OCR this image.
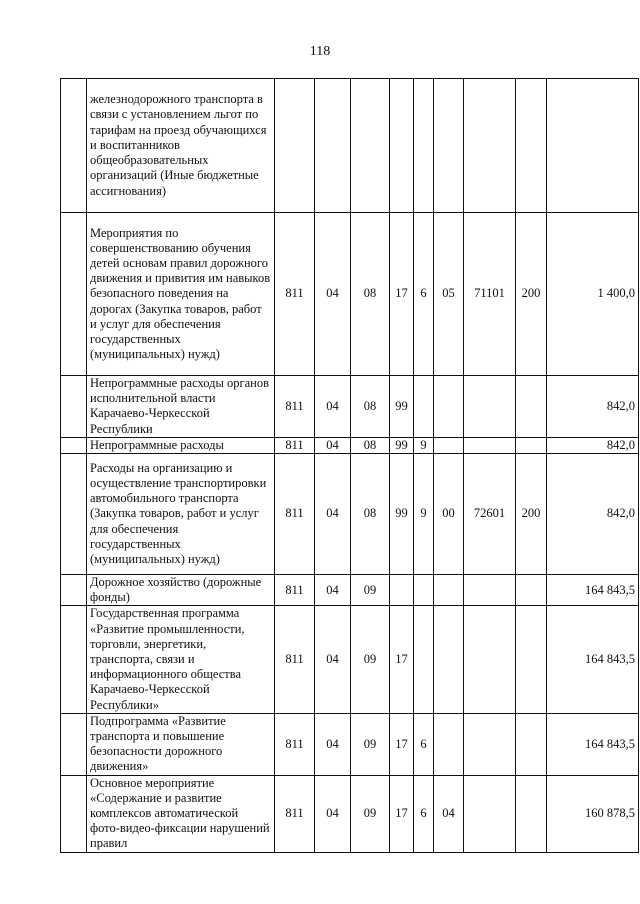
118
	железнодорожного транспорта в связи с установлением льгот по тарифам на проезд обучающихся и воспитанников общеобразовательных организаций (Иные бюджетные ассигнования)									
	Мероприятия по совершенствованию обучения детей основам правил дорожного движения и привития им навыков безопасного поведения на дорогах (Закупка товаров, работ и услуг для обеспечения государственных (муниципальных) нужд)	811	04	08	17	6	05	71101	200	1 400,0
	Непрограммные расходы органов исполнительной власти Карачаево-Черкесской Республики	811	04	08	99					842,0
	Непрограммные расходы	811	04	08	99	9				842,0
	Расходы на организацию и осуществление транспортировки автомобильного транспорта (Закупка товаров, работ и услуг для обеспечения государственных (муниципальных) нужд)	811	04	08	99	9	00	72601	200	842,0
	Дорожное хозяйство (дорожные фонды)	811	04	09						164 843,5
	Государственная программа «Развитие промышленности, торговли, энергетики, транспорта, связи и информационного общества Карачаево-Черкесской Республики»	811	04	09	17					164 843,5
	Подпрограмма «Развитие транспорта и повышение безопасности дорожного движения»	811	04	09	17	6				164 843,5
	Основное мероприятие «Содержание и развитие комплексов автоматической фото-видео-фиксации нарушений правил	811	04	09	17	6	04			160 878,5
